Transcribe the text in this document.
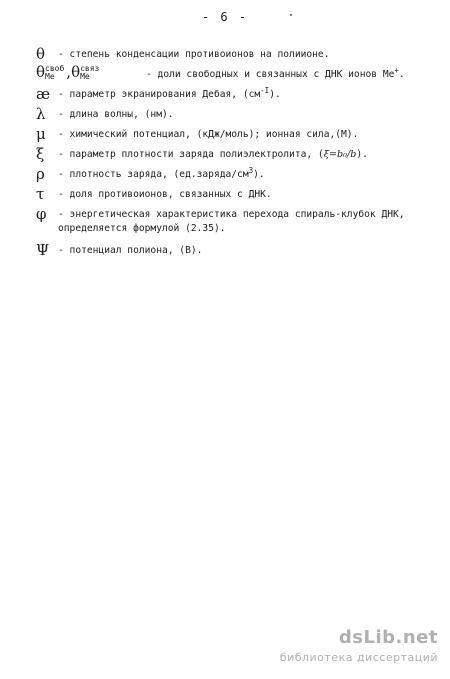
- 6 -
θ	- степень конденсации противоионов на полиионе.
θ своб
Me ,θ связ
Me	- доли свободных и связанных с ДНК ионов Me+.
æ - параметр экранирования Дебая, $(см^{-I})$.
λ	- длина волны, (нм).
μ	- химический потенциал, (кДж/моль); ионная сила,(М).
ξ	- параметр плотности заряда полиэлектролита, (ξ=b₀/b).
ρ	- плотность заряда, $(ед.заряда/см^3)$.
τ	- доля противоионов, связанных с ДНК.
φ	- энергетическая характеристика перехода спираль-клубок ДНК,
определяется формулой (2.35).
Ψ - потенциал полиона, (В).
dsLib.net
библиотека диссертаций
